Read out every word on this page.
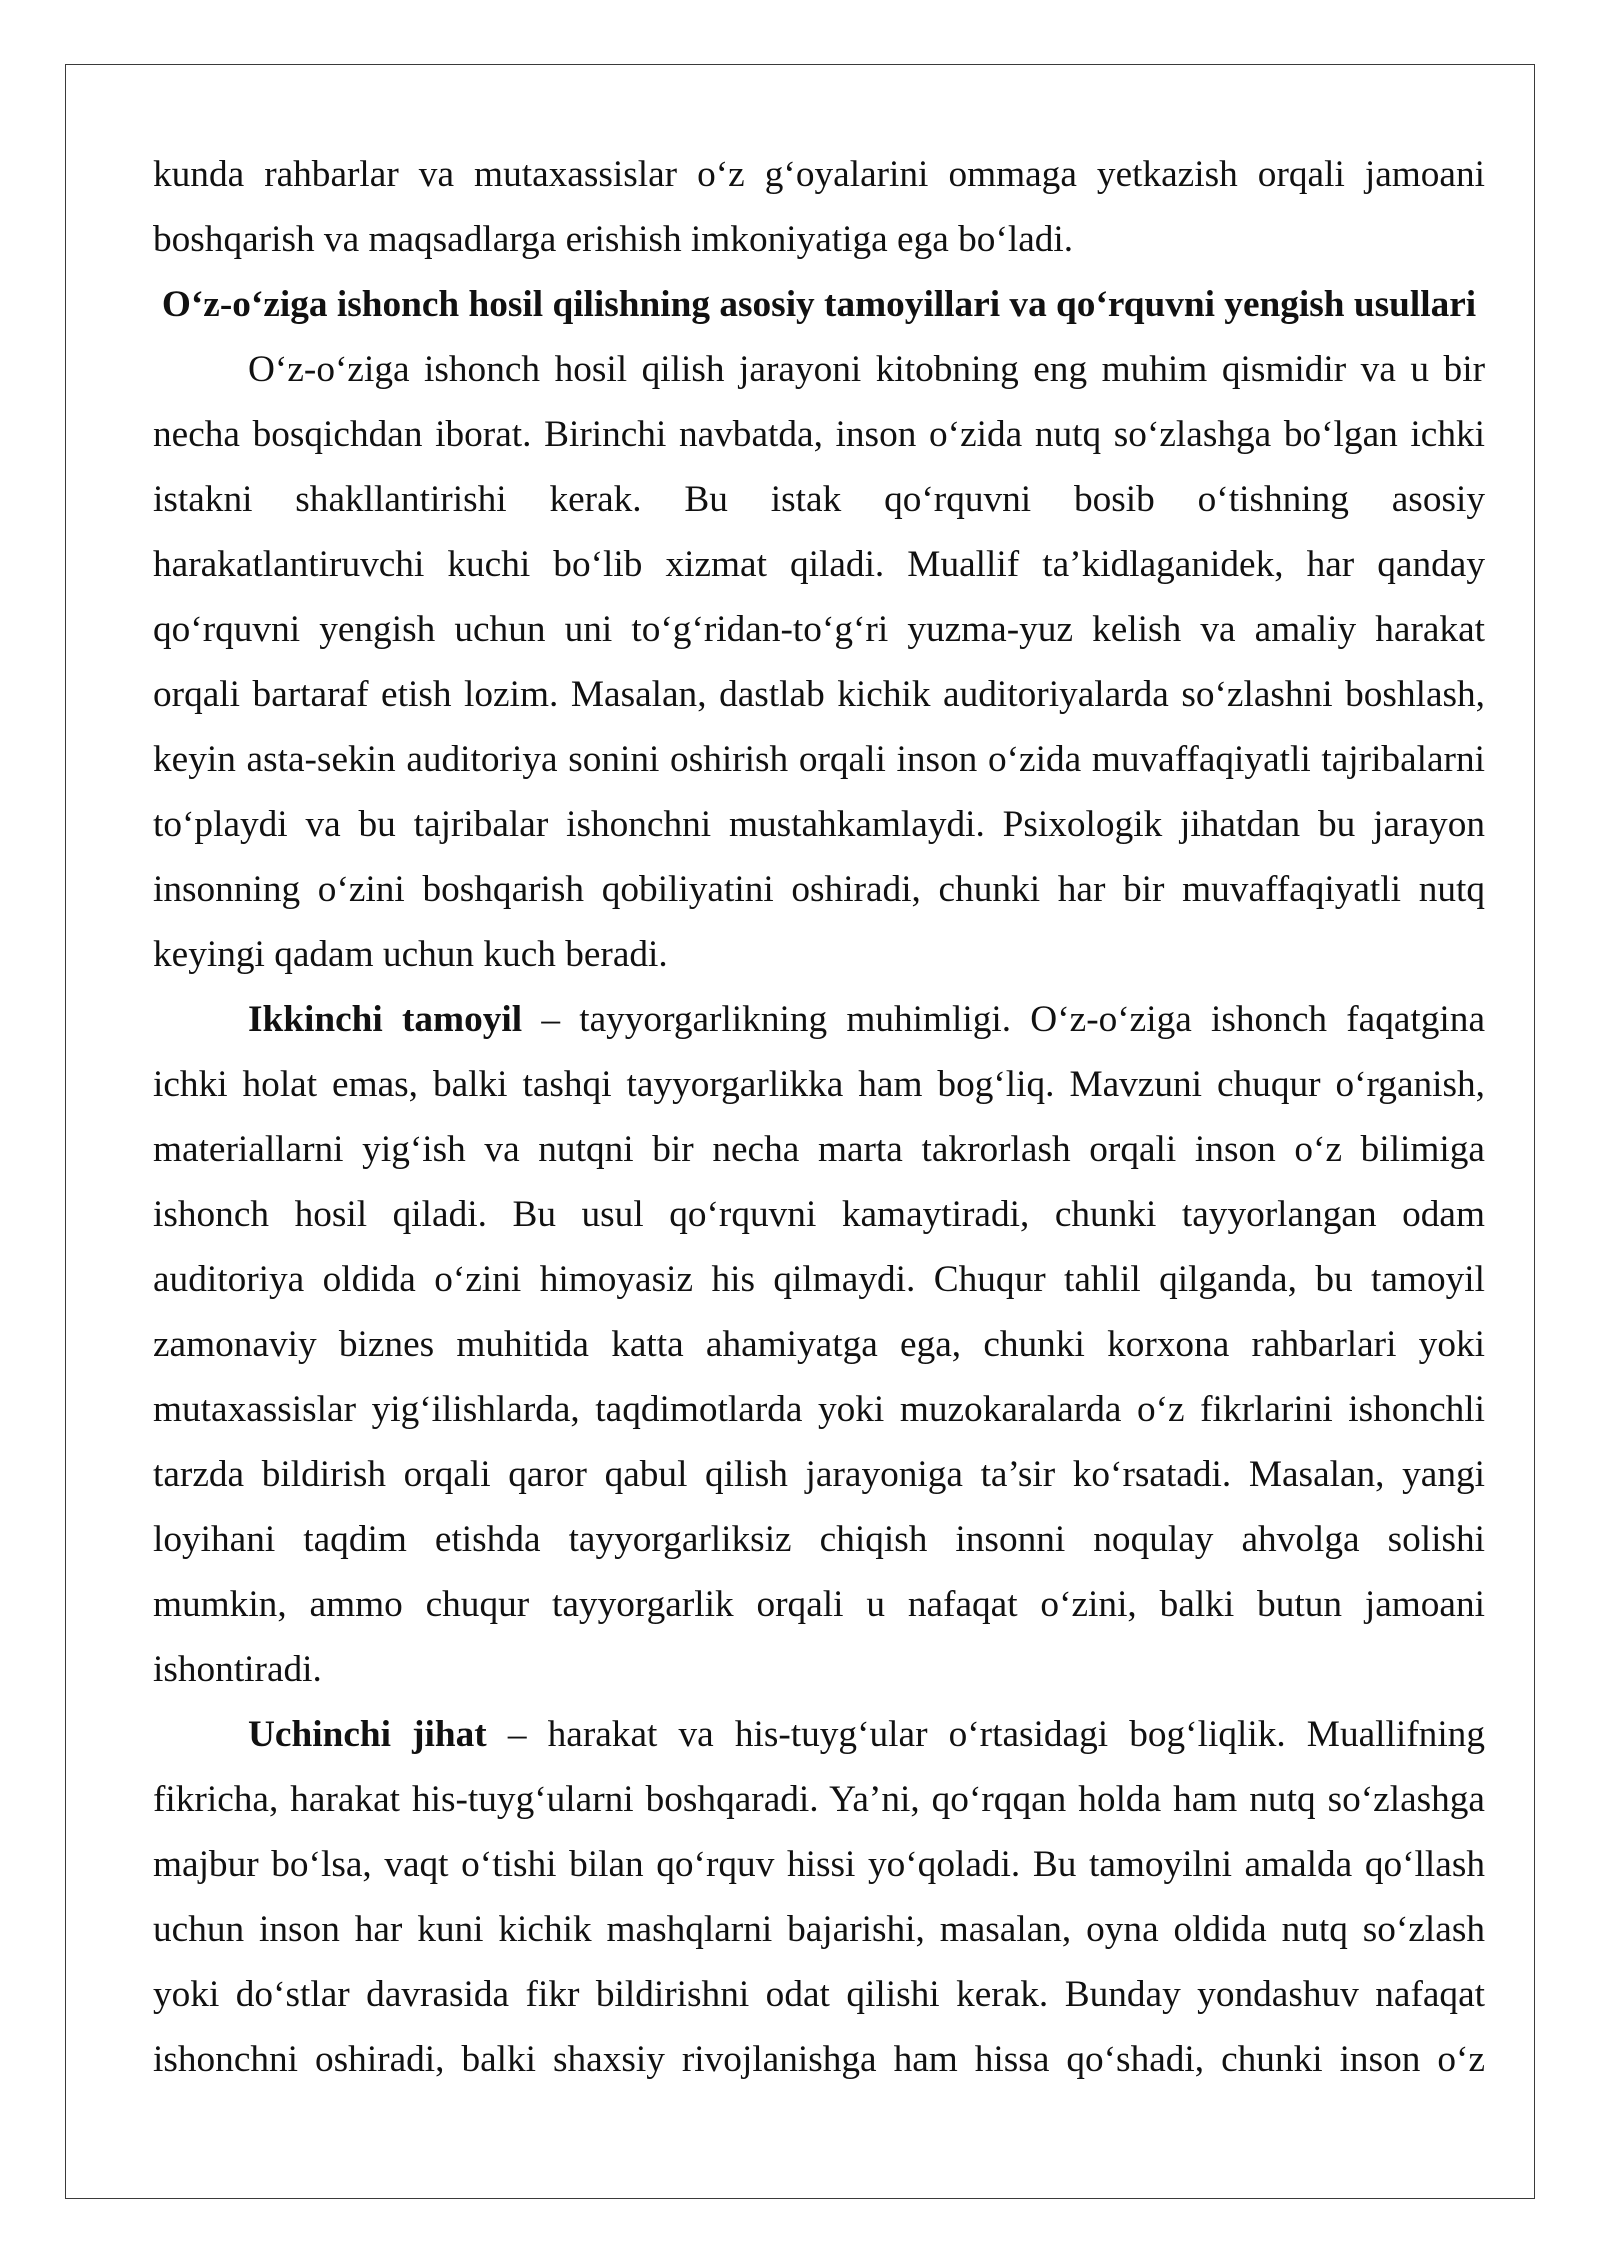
kunda rahbarlar va mutaxassislar o‘z g‘oyalarini ommaga yetkazish orqali jamoani
boshqarish va maqsadlarga erishish imkoniyatiga ega bo‘ladi.
O‘z-o‘ziga ishonch hosil qilishning asosiy tamoyillari va qo‘rquvni yengish usullari
O‘z-o‘ziga ishonch hosil qilish jarayoni kitobning eng muhim qismidir va u bir
necha bosqichdan iborat. Birinchi navbatda, inson o‘zida nutq so‘zlashga bo‘lgan ichki
istakni shakllantirishi kerak. Bu istak qo‘rquvni bosib o‘tishning asosiy
harakatlantiruvchi kuchi bo‘lib xizmat qiladi. Muallif ta’kidlaganidek, har qanday
qo‘rquvni yengish uchun uni to‘g‘ridan-to‘g‘ri yuzma-yuz kelish va amaliy harakat
orqali bartaraf etish lozim. Masalan, dastlab kichik auditoriyalarda so‘zlashni boshlash,
keyin asta-sekin auditoriya sonini oshirish orqali inson o‘zida muvaffaqiyatli tajribalarni
to‘playdi va bu tajribalar ishonchni mustahkamlaydi. Psixologik jihatdan bu jarayon
insonning o‘zini boshqarish qobiliyatini oshiradi, chunki har bir muvaffaqiyatli nutq
keyingi qadam uchun kuch beradi.
Ikkinchi tamoyil – tayyorgarlikning muhimligi. O‘z-o‘ziga ishonch faqatgina
ichki holat emas, balki tashqi tayyorgarlikka ham bog‘liq. Mavzuni chuqur o‘rganish,
materiallarni yig‘ish va nutqni bir necha marta takrorlash orqali inson o‘z bilimiga
ishonch hosil qiladi. Bu usul qo‘rquvni kamaytiradi, chunki tayyorlangan odam
auditoriya oldida o‘zini himoyasiz his qilmaydi. Chuqur tahlil qilganda, bu tamoyil
zamonaviy biznes muhitida katta ahamiyatga ega, chunki korxona rahbarlari yoki
mutaxassislar yig‘ilishlarda, taqdimotlarda yoki muzokaralarda o‘z fikrlarini ishonchli
tarzda bildirish orqali qaror qabul qilish jarayoniga ta’sir ko‘rsatadi. Masalan, yangi
loyihani taqdim etishda tayyorgarliksiz chiqish insonni noqulay ahvolga solishi
mumkin, ammo chuqur tayyorgarlik orqali u nafaqat o‘zini, balki butun jamoani
ishontiradi.
Uchinchi jihat – harakat va his-tuyg‘ular o‘rtasidagi bog‘liqlik. Muallifning
fikricha, harakat his-tuyg‘ularni boshqaradi. Ya’ni, qo‘rqqan holda ham nutq so‘zlashga
majbur bo‘lsa, vaqt o‘tishi bilan qo‘rquv hissi yo‘qoladi. Bu tamoyilni amalda qo‘llash
uchun inson har kuni kichik mashqlarni bajarishi, masalan, oyna oldida nutq so‘zlash
yoki do‘stlar davrasida fikr bildirishni odat qilishi kerak. Bunday yondashuv nafaqat
ishonchni oshiradi, balki shaxsiy rivojlanishga ham hissa qo‘shadi, chunki inson o‘z
